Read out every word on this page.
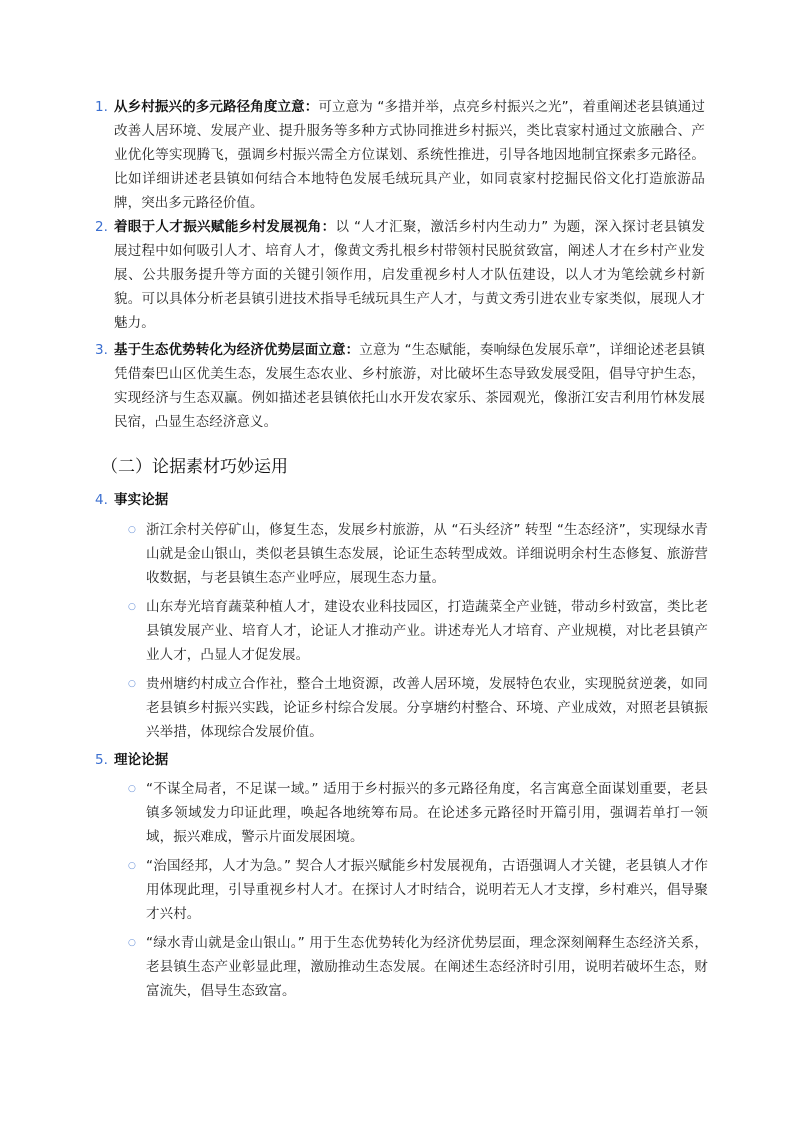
1. 从乡村振兴的多元路径角度立意：可立意为 “多措并举，点亮乡村振兴之光”，着重阐述老县镇通过改善人居环境、发展产业、提升服务等多种方式协同推进乡村振兴，类比袁家村通过文旅融合、产业优化等实现腾飞，强调乡村振兴需全方位谋划、系统性推进，引导各地因地制宜探索多元路径。比如详细讲述老县镇如何结合本地特色发展毛绒玩具产业，如同袁家村挖掘民俗文化打造旅游品牌，突出多元路径价值。
2. 着眼于人才振兴赋能乡村发展视角：以 “人才汇聚，激活乡村内生动力” 为题，深入探讨老县镇发展过程中如何吸引人才、培育人才，像黄文秀扎根乡村带领村民脱贫致富，阐述人才在乡村产业发展、公共服务提升等方面的关键引领作用，启发重视乡村人才队伍建设，以人才为笔绘就乡村新貌。可以具体分析老县镇引进技术指导毛绒玩具生产人才，与黄文秀引进农业专家类似，展现人才魅力。
3. 基于生态优势转化为经济优势层面立意：立意为 “生态赋能，奏响绿色发展乐章”，详细论述老县镇凭借秦巴山区优美生态，发展生态农业、乡村旅游，对比破坏生态导致发展受阻，倡导守护生态，实现经济与生态双赢。例如描述老县镇依托山水开发农家乐、茶园观光，像浙江安吉利用竹林发展民宿，凸显生态经济意义。
（二）论据素材巧妙运用
4. 事实论据
○ 浙江余村关停矿山，修复生态，发展乡村旅游，从 “石头经济” 转型 “生态经济”，实现绿水青山就是金山银山，类似老县镇生态发展，论证生态转型成效。详细说明余村生态修复、旅游营收数据，与老县镇生态产业呼应，展现生态力量。
○ 山东寿光培育蔬菜种植人才，建设农业科技园区，打造蔬菜全产业链，带动乡村致富，类比老县镇发展产业、培育人才，论证人才推动产业。讲述寿光人才培育、产业规模，对比老县镇产业人才，凸显人才促发展。
○ 贵州塘约村成立合作社，整合土地资源，改善人居环境，发展特色农业，实现脱贫逆袭，如同老县镇乡村振兴实践，论证乡村综合发展。分享塘约村整合、环境、产业成效，对照老县镇振兴举措，体现综合发展价值。
5. 理论论据
○ “不谋全局者，不足谋一域。” 适用于乡村振兴的多元路径角度，名言寓意全面谋划重要，老县镇多领域发力印证此理，唤起各地统筹布局。在论述多元路径时开篇引用，强调若单打一领域，振兴难成，警示片面发展困境。
○ “治国经邦，人才为急。” 契合人才振兴赋能乡村发展视角，古语强调人才关键，老县镇人才作用体现此理，引导重视乡村人才。在探讨人才时结合，说明若无人才支撑，乡村难兴，倡导聚才兴村。
○ “绿水青山就是金山银山。” 用于生态优势转化为经济优势层面，理念深刻阐释生态经济关系，老县镇生态产业彰显此理，激励推动生态发展。在阐述生态经济时引用，说明若破坏生态，财富流失，倡导生态致富。
